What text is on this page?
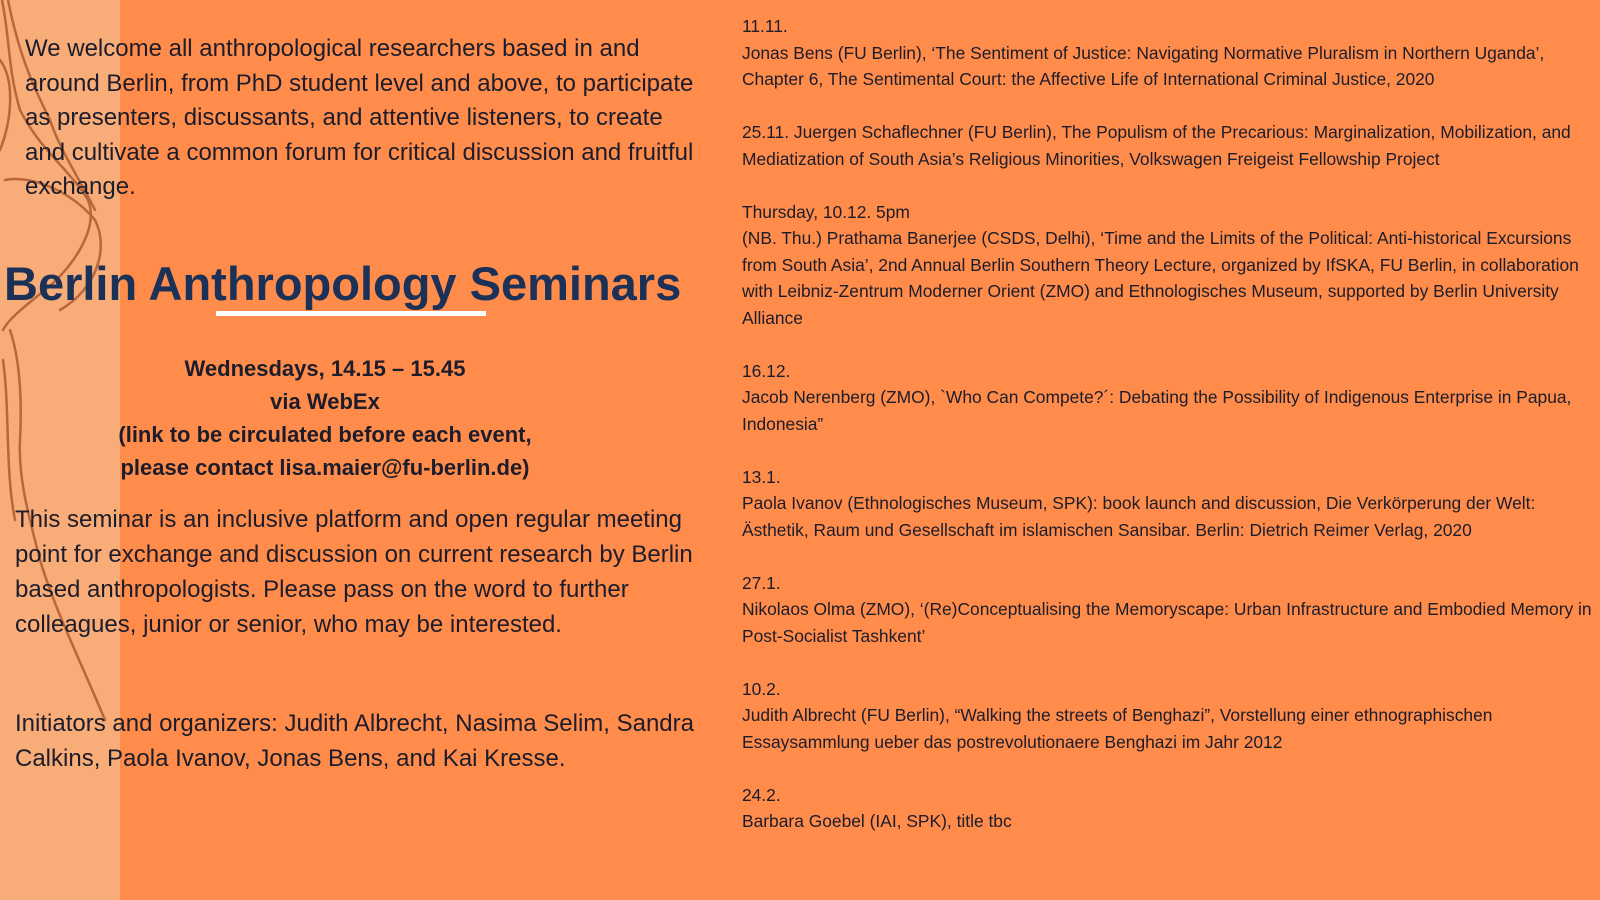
We welcome all anthropological researchers based in and around Berlin, from PhD student level and above, to participate as presenters, discussants, and attentive listeners, to create and cultivate a common forum for critical discussion and fruitful exchange.

Berlin Anthropology Seminars
Wednesdays, 14.15 – 15.45
via WebEx
(link to be circulated before each event,
please contact lisa.maier@fu-berlin.de)

This seminar is an inclusive platform and open regular meeting point for exchange and discussion on current research by Berlin based anthropologists. Please pass on the word to further colleagues, junior or senior, who may be interested.

Initiators and organizers: Judith Albrecht, Nasima Selim, Sandra Calkins, Paola Ivanov, Jonas Bens, and Kai Kresse.

11.11.
Jonas Bens (FU Berlin), ‘The Sentiment of Justice: Navigating Normative Pluralism in Northern Uganda’, Chapter 6, The Sentimental Court: the Affective Life of International Criminal Justice, 2020
25.11. Juergen Schaflechner (FU Berlin), The Populism of the Precarious: Marginalization, Mobilization, and Mediatization of South Asia’s Religious Minorities, Volkswagen Freigeist Fellowship Project
Thursday, 10.12. 5pm
(NB. Thu.) Prathama Banerjee (CSDS, Delhi), ‘Time and the Limits of the Political: Anti-historical Excursions from South Asia’, 2nd Annual Berlin Southern Theory Lecture, organized by IfSKA, FU Berlin, in collaboration with Leibniz-Zentrum Moderner Orient (ZMO) and Ethnologisches Museum, supported by Berlin University Alliance
16.12.
Jacob Nerenberg (ZMO), `Who Can Compete?´: Debating the Possibility of Indigenous Enterprise in Papua, Indonesia”
13.1.
Paola Ivanov (Ethnologisches Museum, SPK): book launch and discussion, Die Verkörperung der Welt: Ästhetik, Raum und Gesellschaft im islamischen Sansibar. Berlin: Dietrich Reimer Verlag, 2020
27.1.
Nikolaos Olma (ZMO), ‘(Re)Conceptualising the Memoryscape: Urban Infrastructure and Embodied Memory in Post-Socialist Tashkent’
10.2.
Judith Albrecht (FU Berlin), “Walking the streets of Benghazi”, Vorstellung einer ethnographischen Essaysammlung ueber das postrevolutionaere Benghazi im Jahr 2012
24.2.
Barbara Goebel (IAI, SPK), title tbc
